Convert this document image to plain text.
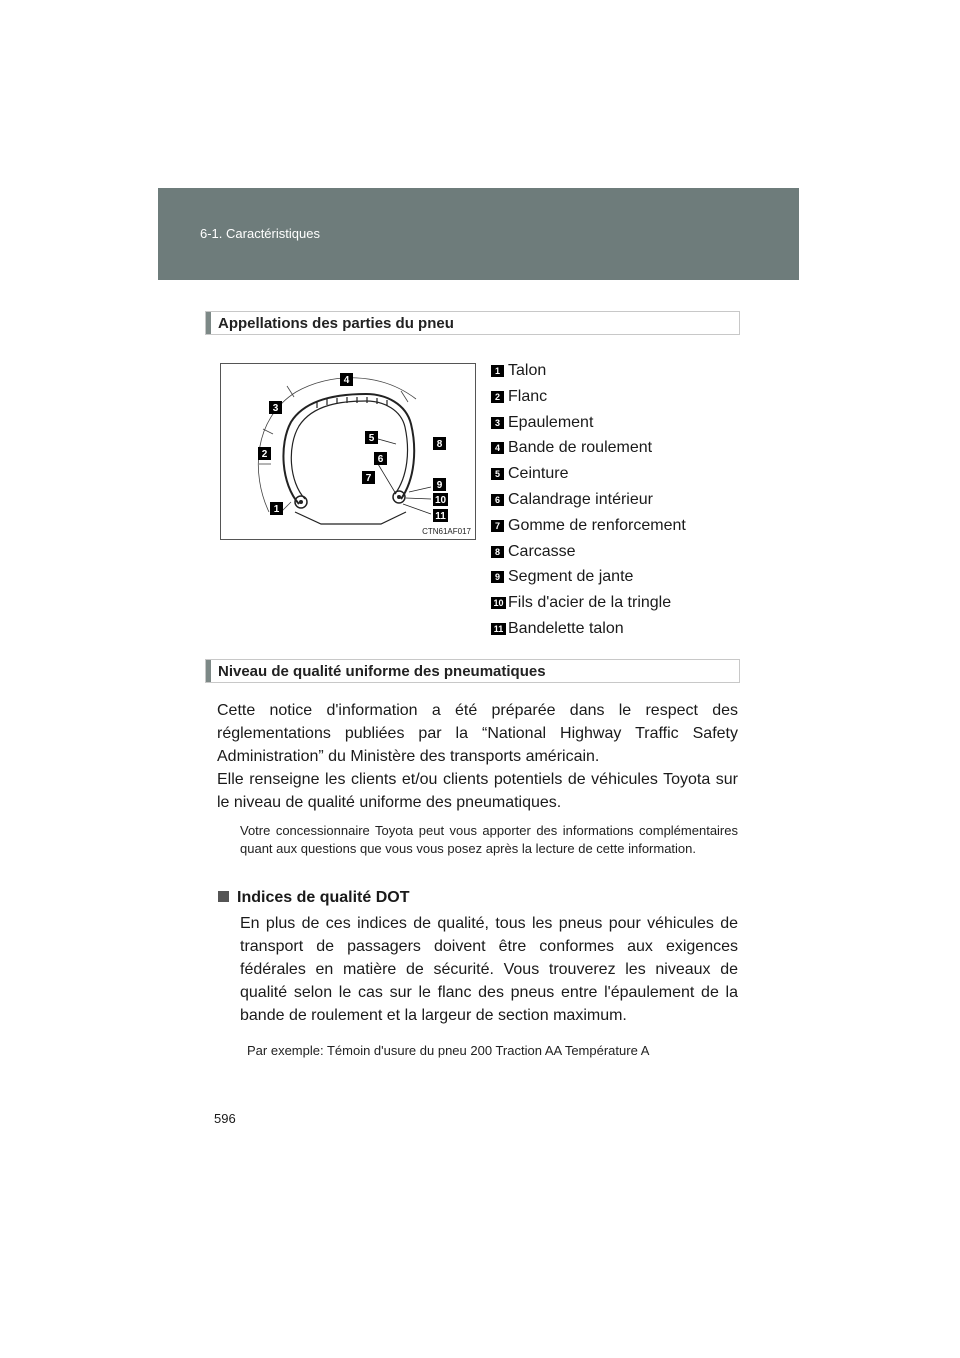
6-1. Caractéristiques
Appellations des parties du pneu
1
2
3
4
5
6
7
8
9
10
11
CTN61AF017
1 Talon
2 Flanc
3 Epaulement
4 Bande de roulement
5 Ceinture
6 Calandrage intérieur
7 Gomme de renforcement
8 Carcasse
9 Segment de jante
10 Fils d'acier de la tringle
11 Bandelette talon
Niveau de qualité uniforme des pneumatiques

Cette notice d'information a été préparée dans le respect des réglementations publiées par la “National Highway Traffic Safety Administration” du Ministère des transports américain.

Elle renseigne les clients et/ou clients potentiels de véhicules Toyota sur le niveau de qualité uniforme des pneumatiques.

Votre concessionnaire Toyota peut vous apporter des informations complémentaires quant aux questions que vous vous posez après la lecture de cette information.

Indices de qualité DOT

En plus de ces indices de qualité, tous les pneus pour véhicules de transport de passagers doivent être conformes aux exigences fédérales en matière de sécurité. Vous trouverez les niveaux de qualité selon le cas sur le flanc des pneus entre l'épaulement de la bande de roulement et la largeur de section maximum.

Par exemple: Témoin d'usure du pneu 200 Traction AA Température A
596
